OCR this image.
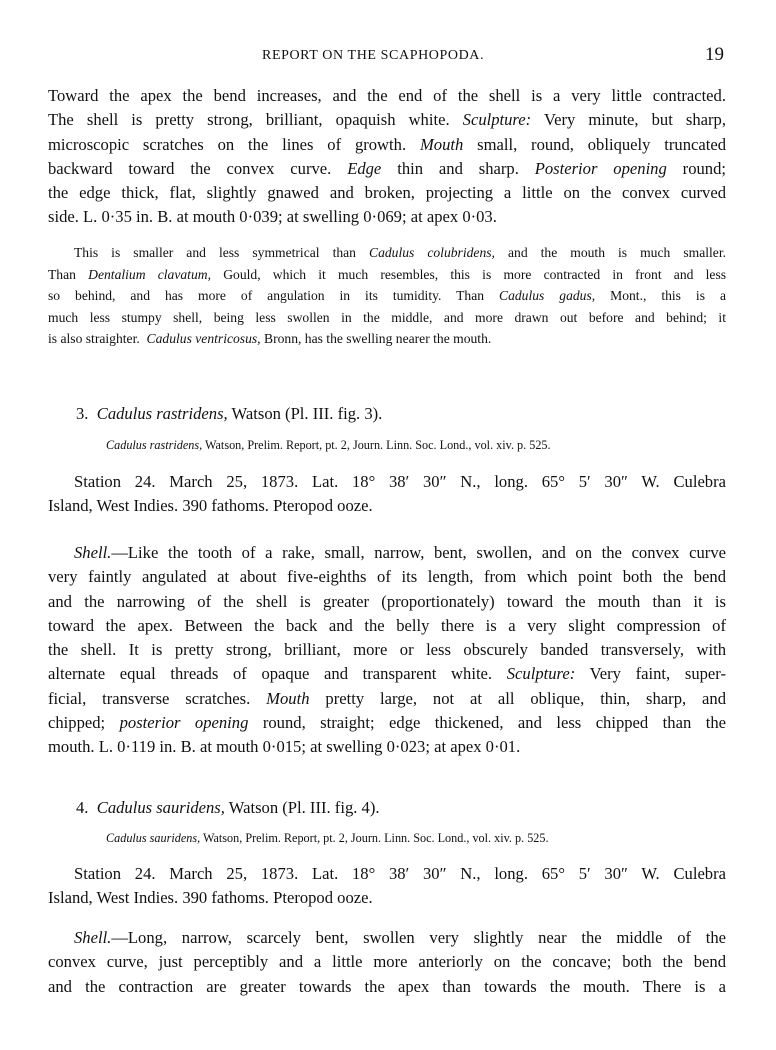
REPORT ON THE SCAPHOPODA.	19
Toward the apex the bend increases, and the end of the shell is a very little contracted.
The shell is pretty strong, brilliant, opaquish white. Sculpture: Very minute, but sharp,
microscopic scratches on the lines of growth. Mouth small, round, obliquely truncated
backward toward the convex curve. Edge thin and sharp. Posterior opening round;
the edge thick, flat, slightly gnawed and broken, projecting a little on the convex curved
side. L. 0·35 in. B. at mouth 0·039; at swelling 0·069; at apex 0·03.
This is smaller and less symmetrical than Cadulus colubridens, and the mouth is much smaller.
Than Dentalium clavatum, Gould, which it much resembles, this is more contracted in front and less
so behind, and has more of angulation in its tumidity. Than Cadulus gadus, Mont., this is a
much less stumpy shell, being less swollen in the middle, and more drawn out before and behind; it
is also straighter. Cadulus ventricosus, Bronn, has the swelling nearer the mouth.
3. Cadulus rastridens, Watson (Pl. III. fig. 3).
Cadulus rastridens, Watson, Prelim. Report, pt. 2, Journ. Linn. Soc. Lond., vol. xiv. p. 525.
Station 24. March 25, 1873. Lat. 18° 38′ 30″ N., long. 65° 5′ 30″ W. Culebra
Island, West Indies. 390 fathoms. Pteropod ooze.
Shell.—Like the tooth of a rake, small, narrow, bent, swollen, and on the convex curve
very faintly angulated at about five-eighths of its length, from which point both the bend
and the narrowing of the shell is greater (proportionately) toward the mouth than it is
toward the apex. Between the back and the belly there is a very slight compression of
the shell. It is pretty strong, brilliant, more or less obscurely banded transversely, with
alternate equal threads of opaque and transparent white. Sculpture: Very faint, super-
ficial, transverse scratches. Mouth pretty large, not at all oblique, thin, sharp, and
chipped; posterior opening round, straight; edge thickened, and less chipped than the
mouth. L. 0·119 in. B. at mouth 0·015; at swelling 0·023; at apex 0·01.
4. Cadulus sauridens, Watson (Pl. III. fig. 4).
Cadulus sauridens, Watson, Prelim. Report, pt. 2, Journ. Linn. Soc. Lond., vol. xiv. p. 525.
Station 24. March 25, 1873. Lat. 18° 38′ 30″ N., long. 65° 5′ 30″ W. Culebra
Island, West Indies. 390 fathoms. Pteropod ooze.
Shell.—Long, narrow, scarcely bent, swollen very slightly near the middle of the
convex curve, just perceptibly and a little more anteriorly on the concave; both the bend
and the contraction are greater towards the apex than towards the mouth. There is a
